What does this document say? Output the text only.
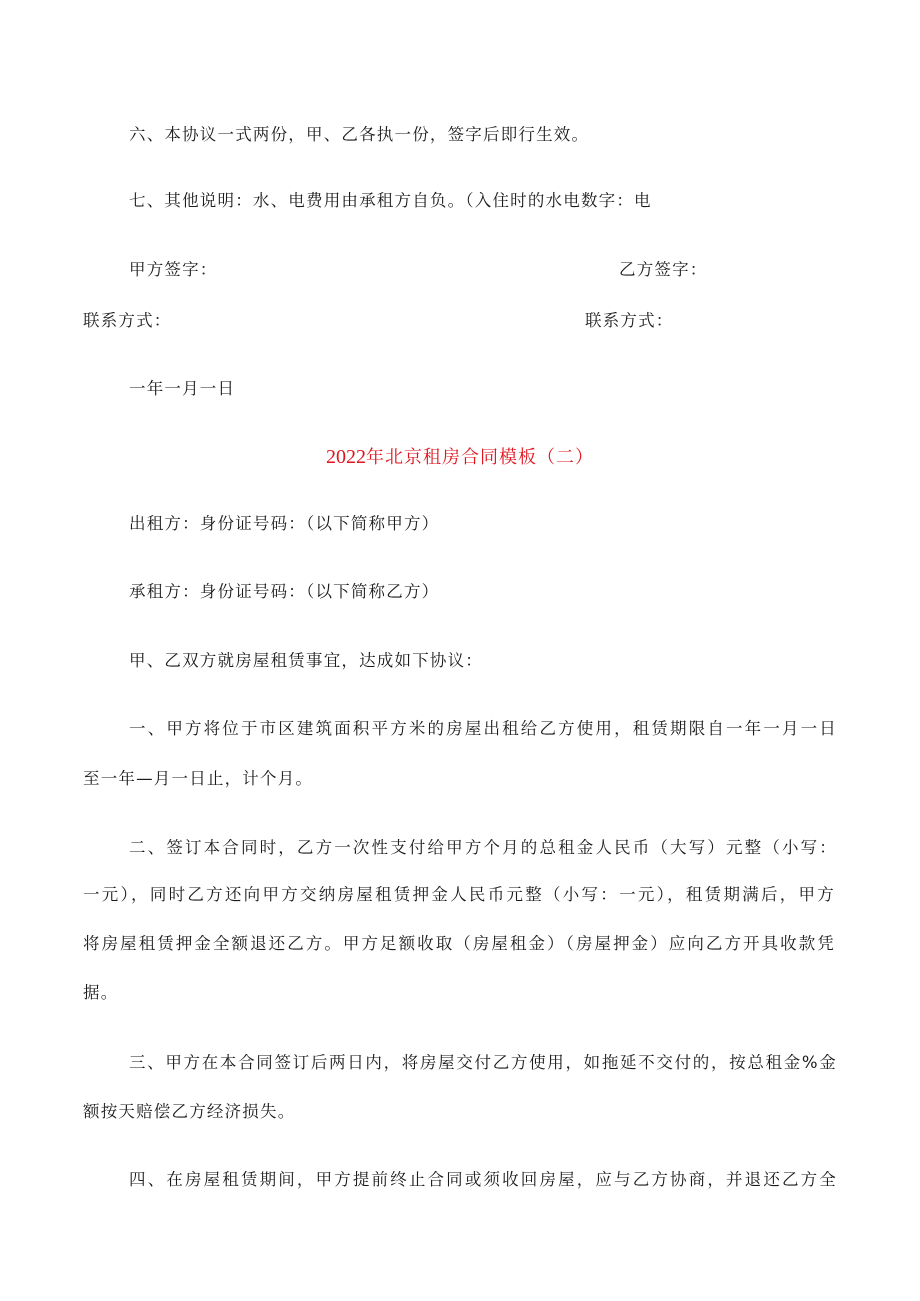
六、本协议一式两份，甲、乙各执一份，签字后即行生效。
七、其他说明：水、电费用由承租方自负。（入住时的水电数字：电
甲方签字：	乙方签字：
联系方式：	联系方式：
一年一月一日
2022年北京租房合同模板（二）
出租方：身份证号码：（以下简称甲方）
承租方：身份证号码：（以下简称乙方）
甲、乙双方就房屋租赁事宜，达成如下协议：
一、甲方将位于市区建筑面积平方米的房屋出租给乙方使用，租赁期限自一年一月一日
至一年—月一日止，计个月。
二、签订本合同时，乙方一次性支付给甲方个月的总租金人民币（大写）元整（小写：
一元），同时乙方还向甲方交纳房屋租赁押金人民币元整（小写：一元），租赁期满后，甲方
将房屋租赁押金全额退还乙方。甲方足额收取（房屋租金）（房屋押金）应向乙方开具收款凭
据。
三、甲方在本合同签订后两日内，将房屋交付乙方使用，如拖延不交付的，按总租金%金
额按天赔偿乙方经济损失。
四、在房屋租赁期间，甲方提前终止合同或须收回房屋，应与乙方协商，并退还乙方全
